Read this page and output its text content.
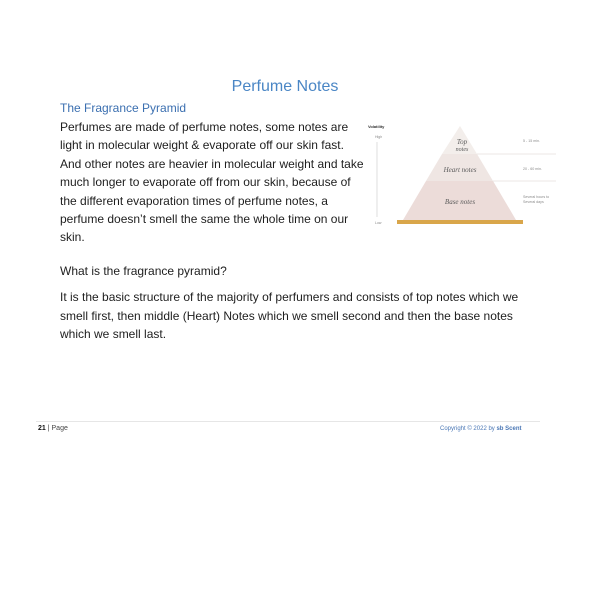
Perfume Notes
The Fragrance Pyramid
Perfumes are made of perfume notes, some notes are
light in molecular weight & evaporate off our skin fast.
And other notes are heavier in molecular weight and take
much longer to evaporate off from our skin, because of
the different evaporation times of perfume notes, a
perfume doesn’t smell the same the whole time on our
skin.
Volatility
High
Low
Top
notes
Heart notes
Base notes
5 - 15 min.
20 - 60 min.
Several hours to
Several days
What is the fragrance pyramid?
It is the basic structure of the majority of perfumers and consists of top notes which we
smell first, then middle (Heart) Notes which we smell second and then the base notes
which we smell last.
21 | Page	Copyright © 2022 by sb Scent
